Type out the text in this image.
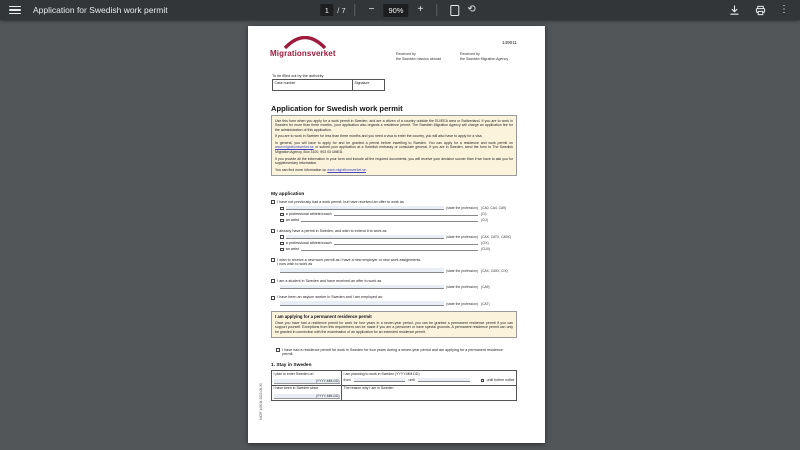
Application for Swedish work permit	1	/ 7	−	90%	+	⟲	⋮
Migrationsverket
149011
Received by
the Swedish mission abroad
Received by
the Swedish Migration Agency
To be filled out by the authority
Case number	Signature
Application for Swedish work permit

Use this form when you apply for a work permit in Sweden, and are a citizen of a country outside the EU/EEA area or Switzerland. If you are to work in Sweden for more than three months, your application also regards a residence permit. The Swedish Migration Agency will charge an application fee for the administration of this application.

If you are to work in Sweden for less than three months and you need a visa to enter the country, you will also have to apply for a visa.

In general, you will have to apply for and be granted a permit before travelling to Sweden. You can apply for a residence and work permit on www.migrationsverket.se or submit your application at a Swedish embassy or consulate general. If you are in Sweden, send the form to The Swedish Migration Agency, Box 3100, 903 03 UMEÅ.

If you provide all the information in your form and include all the required documents, you will receive your decision sooner than if we have to ask you for supplementary information.

You can find more information on www.migrationsverket.se.

My application
I have not previously had a work permit, but have received an offer to work as
(state the profession) (CA0, CA4, CA9)
a professional athlete/coach	(CI)
an artist	(CU)
I already have a permit in Sweden, and wish to extend it to work as
(state the profession) (CAX, CATX, CA9X)
a professional athlete/coach	(CIX)
an artist	(CUX)
I wish to receive a new work permit as I have a new employer or new work assignments.
I now wish to work as
(state the profession) (CAX, CA9X, CIX)
I am a student in Sweden and have received an offer to work as
(state the profession) (CA9)
I have been an asylum seeker in Sweden and I am employed as:
(state the profession) (CAT)
I am applying for a permanent residence permit

Once you have had a residence permit for work for four years in a seven-year period, you can be granted a permanent residence permit if you can support yourself. Exceptions from this requirement can be made if you are a pensioner or have special grounds. A permanent residence permit can only be granted in connection with the examination of an application for an extended residence permit.

I have had a residence permit for work in Sweden for four years during a seven-year period and am applying for a permanent residence permit.
1. Stay in Sweden
I plan to enter Sweden on
(YYYY-MM-DD)
I am planning to work in Sweden (YYYY-MM-DD)
from	until	until further notice
I have been in Sweden since
(YYYY-MM-DD)
The reason why I am in Sweden
MIGR 149011 2022-06-30
